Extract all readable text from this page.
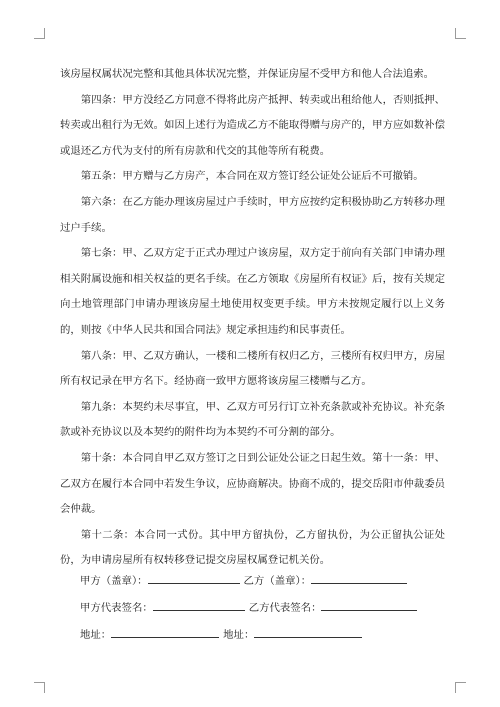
该房屋权属状况完整和其他具体状况完整，并保证房屋不受甲方和他人合法追索。

第四条：甲方没经乙方同意不得将此房产抵押、转卖或出租给他人，否则抵押、转卖或出租行为无效。如因上述行为造成乙方不能取得赠与房产的，甲方应如数补偿或退还乙方代为支付的所有房款和代交的其他等所有税费。

第五条：甲方赠与乙方房产，本合同在双方签订经公证处公证后不可撤销。

第六条：在乙方能办理该房屋过户手续时，甲方应按约定积极协助乙方转移办理过户手续。

第七条：甲、乙双方定于正式办理过户该房屋，双方定于前向有关部门申请办理相关附属设施和相关权益的更名手续。在乙方领取《房屋所有权证》后，按有关规定向土地管理部门申请办理该房屋土地使用权变更手续。甲方未按规定履行以上义务的，则按《中华人民共和国合同法》规定承担违约和民事责任。

第八条：甲、乙双方确认，一楼和二楼所有权归乙方，三楼所有权归甲方，房屋所有权记录在甲方名下。经协商一致甲方愿将该房屋三楼赠与乙方。

第九条：本契约未尽事宜，甲、乙双方可另行订立补充条款或补充协议。补充条款或补充协议以及本契约的附件均为本契约不可分割的部分。

第十条：本合同自甲乙双方签订之日到公证处公证之日起生效。第十一条：甲、乙双方在履行本合同中若发生争议，应协商解决。协商不成的，提交岳阳市仲裁委员会仲裁。

第十二条：本合同一式份。其中甲方留执份，乙方留执份，为公正留执公证处份，为申请房屋所有权转移登记提交房屋权属登记机关份。

甲方（盖章）：	乙方（盖章）：
甲方代表签名：	乙方代表签名：
地址：	地址：
